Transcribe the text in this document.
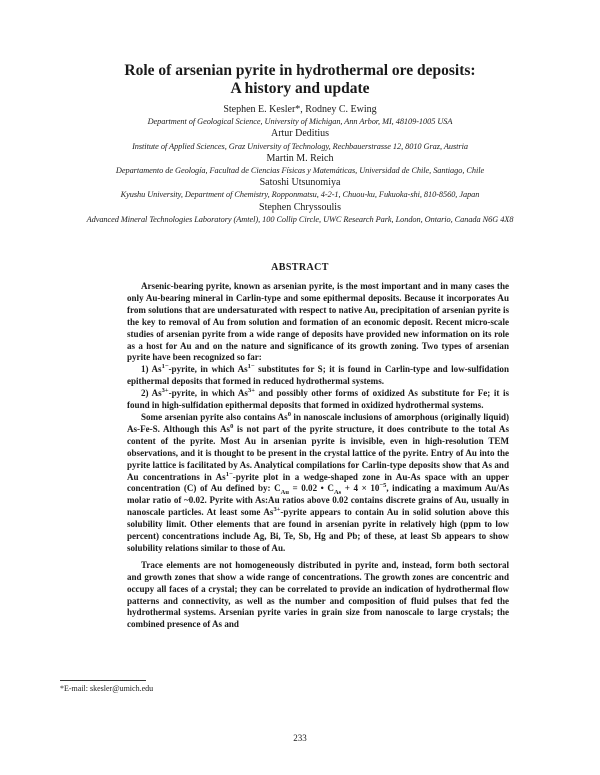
Role of arsenian pyrite in hydrothermal ore deposits:
A history and update
Stephen E. Kesler*, Rodney C. Ewing
Department of Geological Science, University of Michigan, Ann Arbor, MI, 48109-1005 USA
Artur Deditius
Institute of Applied Sciences, Graz University of Technology, Rechbauerstrasse 12, 8010 Graz, Austria
Martin M. Reich
Departamento de Geología, Facultad de Ciencias Físicas y Matemáticas, Universidad de Chile, Santiago, Chile
Satoshi Utsunomiya
Kyushu University, Department of Chemistry, Ropponmatsu, 4-2-1, Chuou-ku, Fukuoka-shi, 810-8560, Japan
Stephen Chryssoulis
Advanced Mineral Technologies Laboratory (Amtel), 100 Collip Circle, UWC Research Park, London, Ontario, Canada N6G 4X8
ABSTRACT

Arsenic-bearing pyrite, known as arsenian pyrite, is the most important and in many cases the only Au-bearing mineral in Carlin-type and some epithermal deposits. Because it incorporates Au from solutions that are undersaturated with respect to native Au, precipitation of arsenian pyrite is the key to removal of Au from solution and formation of an economic deposit. Recent micro-scale studies of arsenian pyrite from a wide range of deposits have provided new information on its role as a host for Au and on the nature and significance of its growth zoning. Two types of arsenian pyrite have been recognized so far:

1) $As^{1-}$-pyrite, in which $As^{1-}$ substitutes for S; it is found in Carlin-type and low-sulfidation epithermal deposits that formed in reduced hydrothermal systems.

2) $As^{3+}$-pyrite, in which $As^{3+}$ and possibly other forms of oxidized As substitute for Fe; it is found in high-sulfidation epithermal deposits that formed in oxidized hydrothermal systems.

Some arsenian pyrite also contains As$^0$ in nanoscale inclusions of amorphous (originally liquid) As-Fe-S. Although this As$^0$ is not part of the pyrite structure, it does contribute to the total As content of the pyrite. Most Au in arsenian pyrite is invisible, even in high-resolution TEM observations, and it is thought to be present in the crystal lattice of the pyrite. Entry of Au into the pyrite lattice is facilitated by As. Analytical compilations for Carlin-type deposits show that As and Au concentrations in $As^{1-}$-pyrite plot in a wedge-shaped zone in Au-As space with an upper concentration (C) of Au defined by: $C_{Au} = 0.02$ • $C_{As} + 4 \times 10^{-5}$, indicating a maximum Au/As molar ratio of ~0.02. Pyrite with As:Au ratios above 0.02 contains discrete grains of Au, usually in nanoscale particles. At least some $As^{3+}$-pyrite appears to contain Au in solid solution above this solubility limit. Other elements that are found in arsenian pyrite in relatively high (ppm to low percent) concentrations include Ag, Bi, Te, Sb, Hg and Pb; of these, at least Sb appears to show solubility relations similar to those of Au.

Trace elements are not homogeneously distributed in pyrite and, instead, form both sectoral and growth zones that show a wide range of concentrations. The growth zones are concentric and occupy all faces of a crystal; they can be correlated to provide an indication of hydrothermal flow patterns and connectivity, as well as the number and composition of fluid pulses that fed the hydrothermal systems. Arsenian pyrite varies in grain size from nanoscale to large crystals; the combined presence of As and

*E-mail: skesler@umich.edu
233
